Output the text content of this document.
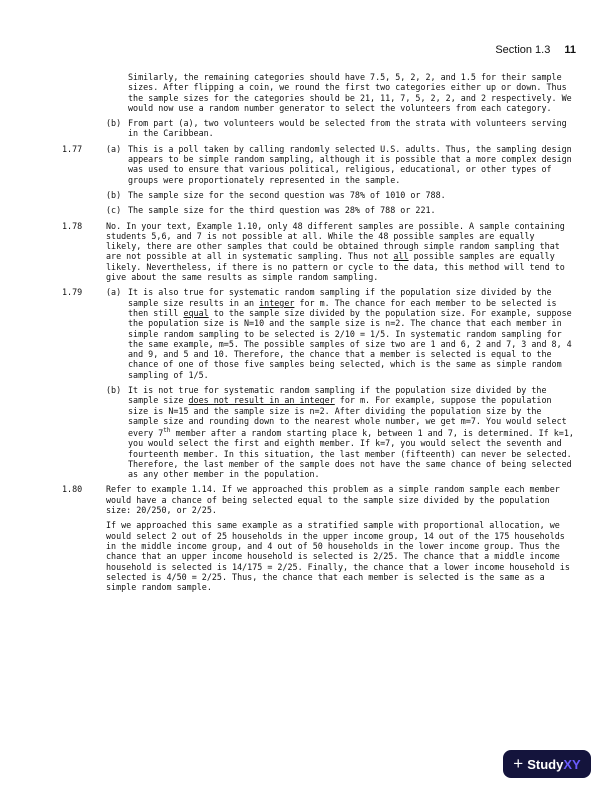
Section 1.3 11

Similarly, the remaining categories should have 7.5, 5, 2, 2, and 1.5 for their sample sizes. After flipping a coin, we round the first two categories either up or down. Thus the sample sizes for the categories should be 21, 11, 7, 5, 2, 2, and 2 respectively. We would now use a random number generator to select the volunteers from each category.

(b) From part (a), two volunteers would be selected from the strata with volunteers serving in the Caribbean.

1.77	(a) This is a poll taken by calling randomly selected U.S. adults. Thus, the sampling design appears to be simple random sampling, although it is possible that a more complex design was used to ensure that various political, religious, educational, or other types of groups were proportionately represented in the sample.

(b) The sample size for the second question was 78% of 1010 or 788.

(c) The sample size for the third question was 28% of 788 or 221.

1.78	No. In your text, Example 1.10, only 48 different samples are possible. A sample containing students 5,6, and 7 is not possible at all. While the 48 possible samples are equally likely, there are other samples that could be obtained through simple random sampling that are not possible at all in systematic sampling. Thus not all possible samples are equally likely. Nevertheless, if there is no pattern or cycle to the data, this method will tend to give about the same results as simple random sampling.

1.79	(a) It is also true for systematic random sampling if the population size divided by the sample size results in an integer for m. The chance for each member to be selected is then still equal to the sample size divided by the population size. For example, suppose the population size is N=10 and the sample size is n=2. The chance that each member in simple random sampling to be selected is 2/10 = 1/5. In systematic random sampling for the same example, m=5. The possible samples of size two are 1 and 6, 2 and 7, 3 and 8, 4 and 9, and 5 and 10. Therefore, the chance that a member is selected is equal to the chance of one of those five samples being selected, which is the same as simple random sampling of 1/5.

(b) It is not true for systematic random sampling if the population size divided by the sample size does not result in an integer for m. For example, suppose the population size is N=15 and the sample size is n=2. After dividing the population size by the sample size and rounding down to the nearest whole number, we get m=7. You would select every 7th member after a random starting place k, between 1 and 7, is determined. If k=1, you would select the first and eighth member. If k=7, you would select the seventh and fourteenth member. In this situation, the last member (fifteenth) can never be selected. Therefore, the last member of the sample does not have the same chance of being selected as any other member in the population.

1.80	Refer to example 1.14. If we approached this problem as a simple random sample each member would have a chance of being selected equal to the sample size divided by the population size: 20/250, or 2/25.

If we approached this same example as a stratified sample with proportional allocation, we would select 2 out of 25 households in the upper income group, 14 out of the 175 households in the middle income group, and 4 out of 50 households in the lower income group. Thus the chance that an upper income household is selected is 2/25. The chance that a middle income household is selected is 14/175 = 2/25. Finally, the chance that a lower income household is selected is 4/50 = 2/25. Thus, the chance that each member is selected is the same as a simple random sample.

+ Study XY
